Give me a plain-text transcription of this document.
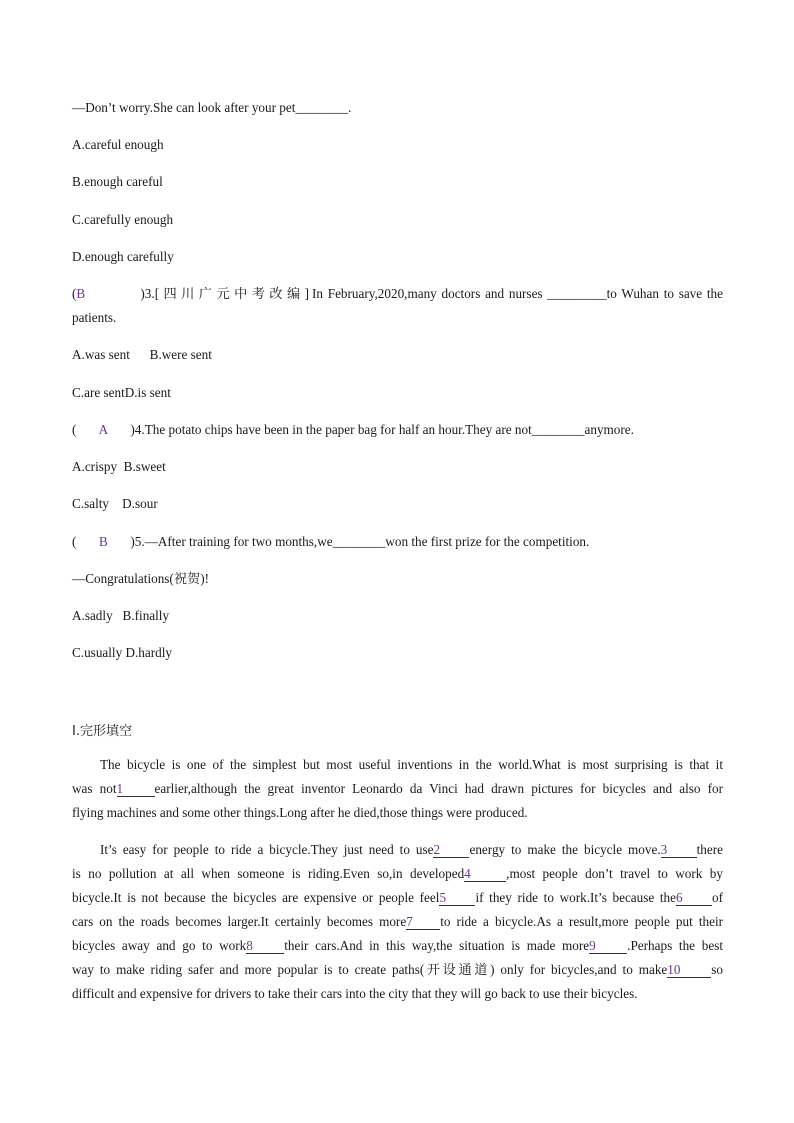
—Don’t worry.She can look after your pet________.
A.careful enough
B.enough careful
C.carefully enough
D.enough carefully
(B	)3.[四川广元中考改编]In February,2020,many doctors and nurses _________to Wuhan to save the
patients.
A.was sent      B.were sent
C.are sentD.is sent
( A )4.The potato chips have been in the paper bag for half an hour.They are not________anymore.
A.crispy  B.sweet
C.salty    D.sour
( B )5.—After training for two months,we________won the first prize for the competition.
—Congratulations(祝贺)!
A.sadly   B.finally
C.usually D.hardly
Ⅰ.完形填空
The bicycle is one of the simplest but most useful inventions in the world.What is most surprising is that it
was not1 earlier,although the great inventor Leonardo da Vinci had drawn pictures for bicycles and also for
flying machines and some other things.Long after he died,those things were produced.
It’s easy for people to ride a bicycle.They just need to use2 energy to make the bicycle move.3 there
is no pollution at all when someone is riding.Even so,in developed4	,most people don’t travel to work by
bicycle.It is not because the bicycles are expensive or people feel5 if they ride to work.It’s because the6 of
cars on the roads becomes larger.It certainly becomes more7 to ride a bicycle.As a result,more people put their
bicycles away and go to work8 their cars.And in this way,the situation is made more9 .Perhaps the best
way to make riding safer and more popular is to create paths(开设通道) only for bicycles,and to make10 so
difficult and expensive for drivers to take their cars into the city that they will go back to use their bicycles.
